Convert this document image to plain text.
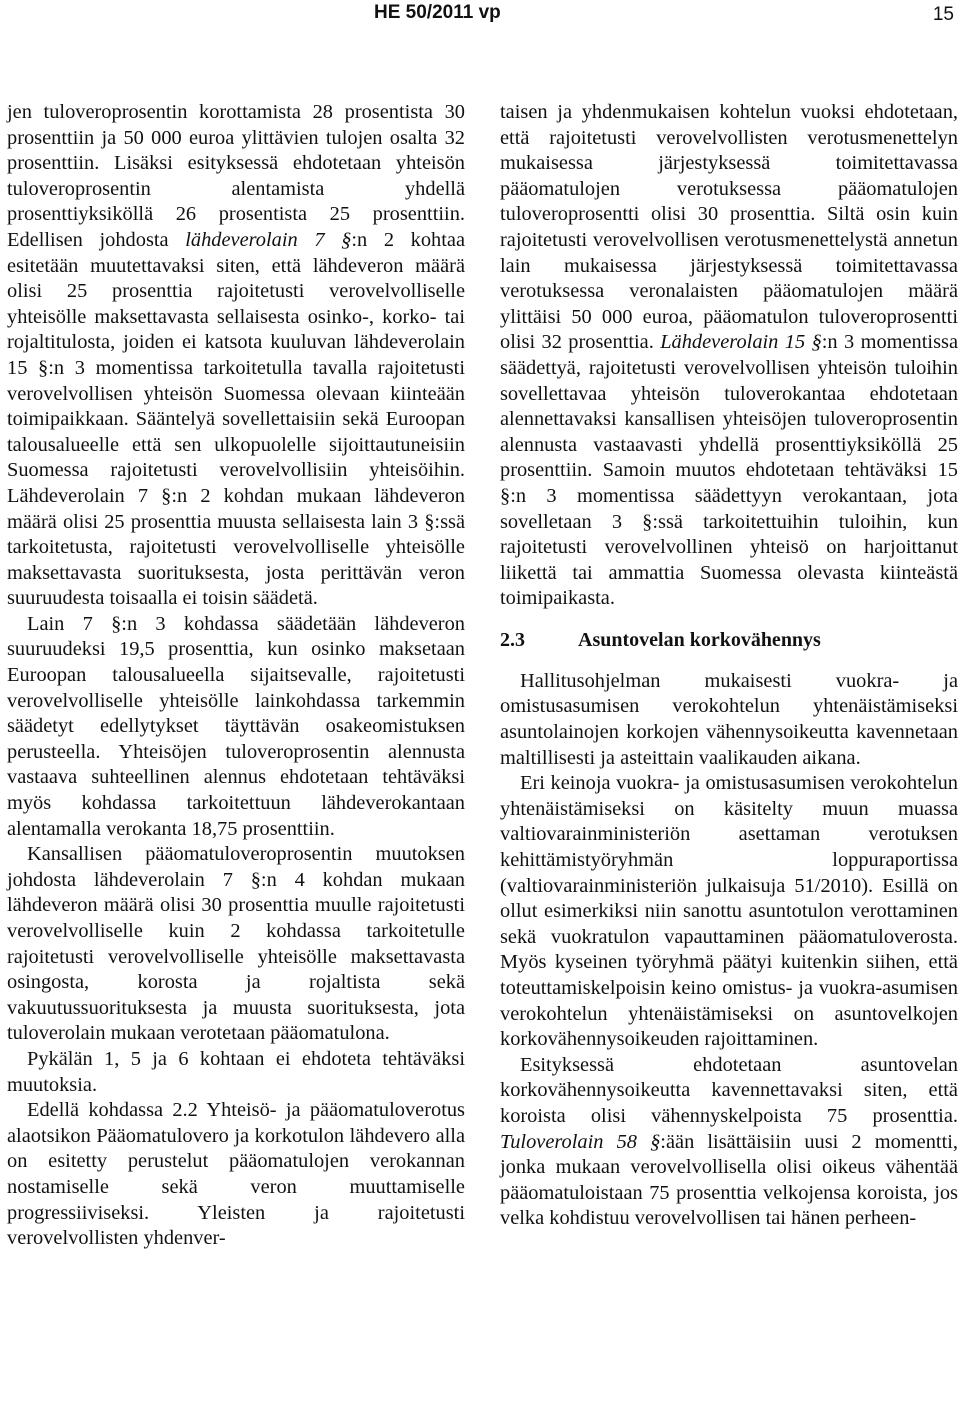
HE 50/2011 vp	15

jen tuloveroprosentin korottamista 28 prosentista 30 prosenttiin ja 50 000 euroa ylittävien tulojen osalta 32 prosenttiin. Lisäksi esityksessä ehdotetaan yhteisön tuloveroprosentin alentamista yhdellä prosenttiyksiköllä 26 prosentista 25 prosenttiin. Edellisen johdosta lähdeverolain 7 §:n 2 kohtaa esitetään muutettavaksi siten, että lähdeveron määrä olisi 25 prosenttia rajoitetusti verovelvolliselle yhteisölle maksettavasta sellaisesta osinko-, korko- tai rojaltitulosta, joiden ei katsota kuuluvan lähdeverolain 15 §:n 3 momentissa tarkoitetulla tavalla rajoitetusti verovelvollisen yhteisön Suomessa olevaan kiinteään toimipaikkaan. Sääntelyä sovellettaisiin sekä Euroopan talousalueelle että sen ulkopuolelle sijoittautuneisiin Suomessa rajoitetusti verovelvollisiin yhteisöihin. Lähdeverolain 7 §:n 2 kohdan mukaan lähdeveron määrä olisi 25 prosenttia muusta sellaisesta lain 3 §:ssä tarkoitetusta, rajoitetusti verovelvolliselle yhteisölle maksettavasta suorituksesta, josta perittävän veron suuruudesta toisaalla ei toisin säädetä.

Lain 7 §:n 3 kohdassa säädetään lähdeveron suuruudeksi 19,5 prosenttia, kun osinko maksetaan Euroopan talousalueella sijaitsevalle, rajoitetusti verovelvolliselle yhteisölle lainkohdassa tarkemmin säädetyt edellytykset täyttävän osakeomistuksen perusteella. Yhteisöjen tuloveroprosentin alennusta vastaava suhteellinen alennus ehdotetaan tehtäväksi myös kohdassa tarkoitettuun lähdeverokantaan alentamalla verokanta 18,75 prosenttiin.

Kansallisen pääomatuloveroprosentin muutoksen johdosta lähdeverolain 7 §:n 4 kohdan mukaan lähdeveron määrä olisi 30 prosenttia muulle rajoitetusti verovelvolliselle kuin 2 kohdassa tarkoitetulle rajoitetusti verovelvolliselle yhteisölle maksettavasta osingosta, korosta ja rojaltista sekä vakuutussuorituksesta ja muusta suorituksesta, jota tuloverolain mukaan verotetaan pääomatulona.

Pykälän 1, 5 ja 6 kohtaan ei ehdoteta tehtäväksi muutoksia.

Edellä kohdassa 2.2 Yhteisö- ja pääomatuloverotus alaotsikon Pääomatulovero ja korkotulon lähdevero alla on esitetty perustelut pääomatulojen verokannan nostamiselle sekä veron muuttamiselle progressiiviseksi. Yleisten ja rajoitetusti verovelvollisten yhdenver-

taisen ja yhdenmukaisen kohtelun vuoksi ehdotetaan, että rajoitetusti verovelvollisten verotusmenettelyn mukaisessa järjestyksessä toimitettavassa pääomatulojen verotuksessa pääomatulojen tuloveroprosentti olisi 30 prosenttia. Siltä osin kuin rajoitetusti verovelvollisen verotusmenettelystä annetun lain mukaisessa järjestyksessä toimitettavassa verotuksessa veronalaisten pääomatulojen määrä ylittäisi 50 000 euroa, pääomatulon tuloveroprosentti olisi 32 prosenttia. Lähdeverolain 15 §:n 3 momentissa säädettyä, rajoitetusti verovelvollisen yhteisön tuloihin sovellettavaa yhteisön tuloverokantaa ehdotetaan alennettavaksi kansallisen yhteisöjen tuloveroprosentin alennusta vastaavasti yhdellä prosenttiyksiköllä 25 prosenttiin. Samoin muutos ehdotetaan tehtäväksi 15 §:n 3 momentissa säädettyyn verokantaan, jota sovelletaan 3 §:ssä tarkoitettuihin tuloihin, kun rajoitetusti verovelvollinen yhteisö on harjoittanut liikettä tai ammattia Suomessa olevasta kiinteästä toimipaikasta.

2.3	Asuntovelan korkovähennys

Hallitusohjelman mukaisesti vuokra- ja omistusasumisen verokohtelun yhtenäistämiseksi asuntolainojen korkojen vähennysoikeutta kavennetaan maltillisesti ja asteittain vaalikauden aikana.

Eri keinoja vuokra- ja omistusasumisen verokohtelun yhtenäistämiseksi on käsitelty muun muassa valtiovarainministeriön asettaman verotuksen kehittämistyöryhmän loppuraportissa (valtiovarainministeriön julkaisuja 51/2010). Esillä on ollut esimerkiksi niin sanottu asuntotulon verottaminen sekä vuokratulon vapauttaminen pääomatuloverosta. Myös kyseinen työryhmä päätyi kuitenkin siihen, että toteuttamiskelpoisin keino omistus- ja vuokra-asumisen verokohtelun yhtenäistämiseksi on asuntovelkojen korkovähennysoikeuden rajoittaminen.

Esityksessä ehdotetaan asuntovelan korkovähennysoikeutta kavennettavaksi siten, että koroista olisi vähennyskelpoista 75 prosenttia. Tuloverolain 58 §:ään lisättäisiin uusi 2 momentti, jonka mukaan verovelvollisella olisi oikeus vähentää pääomatuloistaan 75 prosenttia velkojensa koroista, jos velka kohdistuu verovelvollisen tai hänen perheen-
